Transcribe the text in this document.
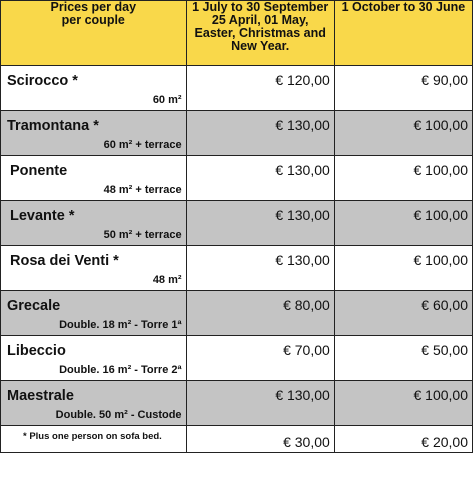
Prices per day
per couple	1 July to 30 September
25 April, 01 May,
Easter, Christmas and
New Year.	1 October to 30 June

Scirocco *
60 m²	€ 120,00	€ 90,00

Tramontana *
60 m² + terrace	€ 130,00	€ 100,00

Ponente
48 m² + terrace	€ 130,00	€ 100,00

Levante *
50 m² + terrace	€ 130,00	€ 100,00

Rosa dei Venti *
48 m²	€ 130,00	€ 100,00

Grecale
Double. 18 m² - Torre 1ª	€ 80,00	€ 60,00

Libeccio
Double. 16 m² - Torre 2ª	€ 70,00	€ 50,00

Maestrale
Double. 50 m² - Custode	€ 130,00	€ 100,00

* Plus one person on sofa bed.	€ 30,00	€ 20,00
